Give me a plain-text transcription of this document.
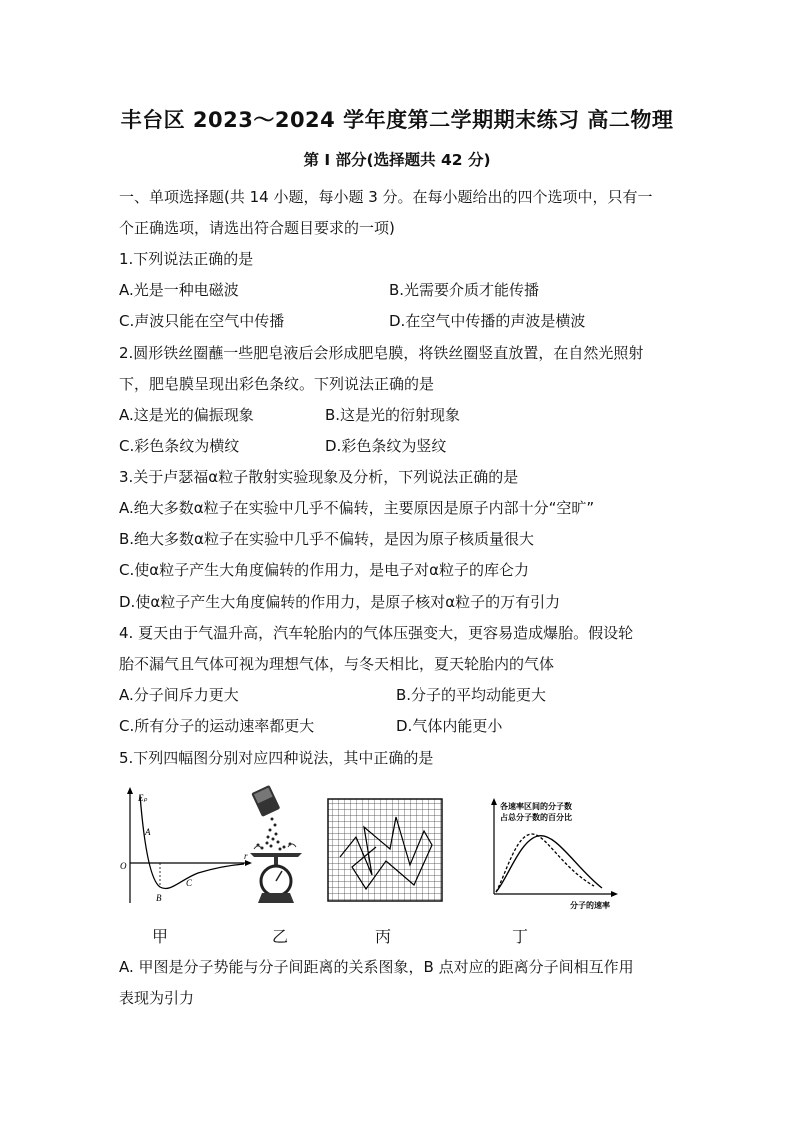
丰台区 2023～2024 学年度第二学期期末练习 高二物理
第 I 部分(选择题共 42 分)
一、单项选择题(共 14 小题，每小题 3 分。在每小题给出的四个选项中，只有一
个正确选项，请选出符合题目要求的一项)
1.下列说法正确的是
A.光是一种电磁波	B.光需要介质才能传播
C.声波只能在空气中传播	D.在空气中传播的声波是横波
2.圆形铁丝圈蘸一些肥皂液后会形成肥皂膜，将铁丝圈竖直放置，在自然光照射
下，肥皂膜呈现出彩色条纹。下列说法正确的是
A.这是光的偏振现象	B.这是光的衍射现象
C.彩色条纹为横纹	D.彩色条纹为竖纹
3.关于卢瑟福α粒子散射实验现象及分析，下列说法正确的是
A.绝大多数α粒子在实验中几乎不偏转，主要原因是原子内部十分“空旷”
B.绝大多数α粒子在实验中几乎不偏转，是因为原子核质量很大
C.使α粒子产生大角度偏转的作用力，是电子对α粒子的库仑力
D.使α粒子产生大角度偏转的作用力，是原子核对α粒子的万有引力
4. 夏天由于气温升高，汽车轮胎内的气体压强变大，更容易造成爆胎。假设轮
胎不漏气且气体可视为理想气体，与冬天相比，夏天轮胎内的气体
A.分子间斥力更大	B.分子的平均动能更大
C.所有分子的运动速率都更大	D.气体内能更小
5.下列四幅图分别对应四种说法，其中正确的是
Eₚ
r
O
A
B
C
各速率区间的分子数
占总分子数的百分比
分子的速率
甲	乙	丙	丁
A. 甲图是分子势能与分子间距离的关系图象，B 点对应的距离分子间相互作用
表现为引力
